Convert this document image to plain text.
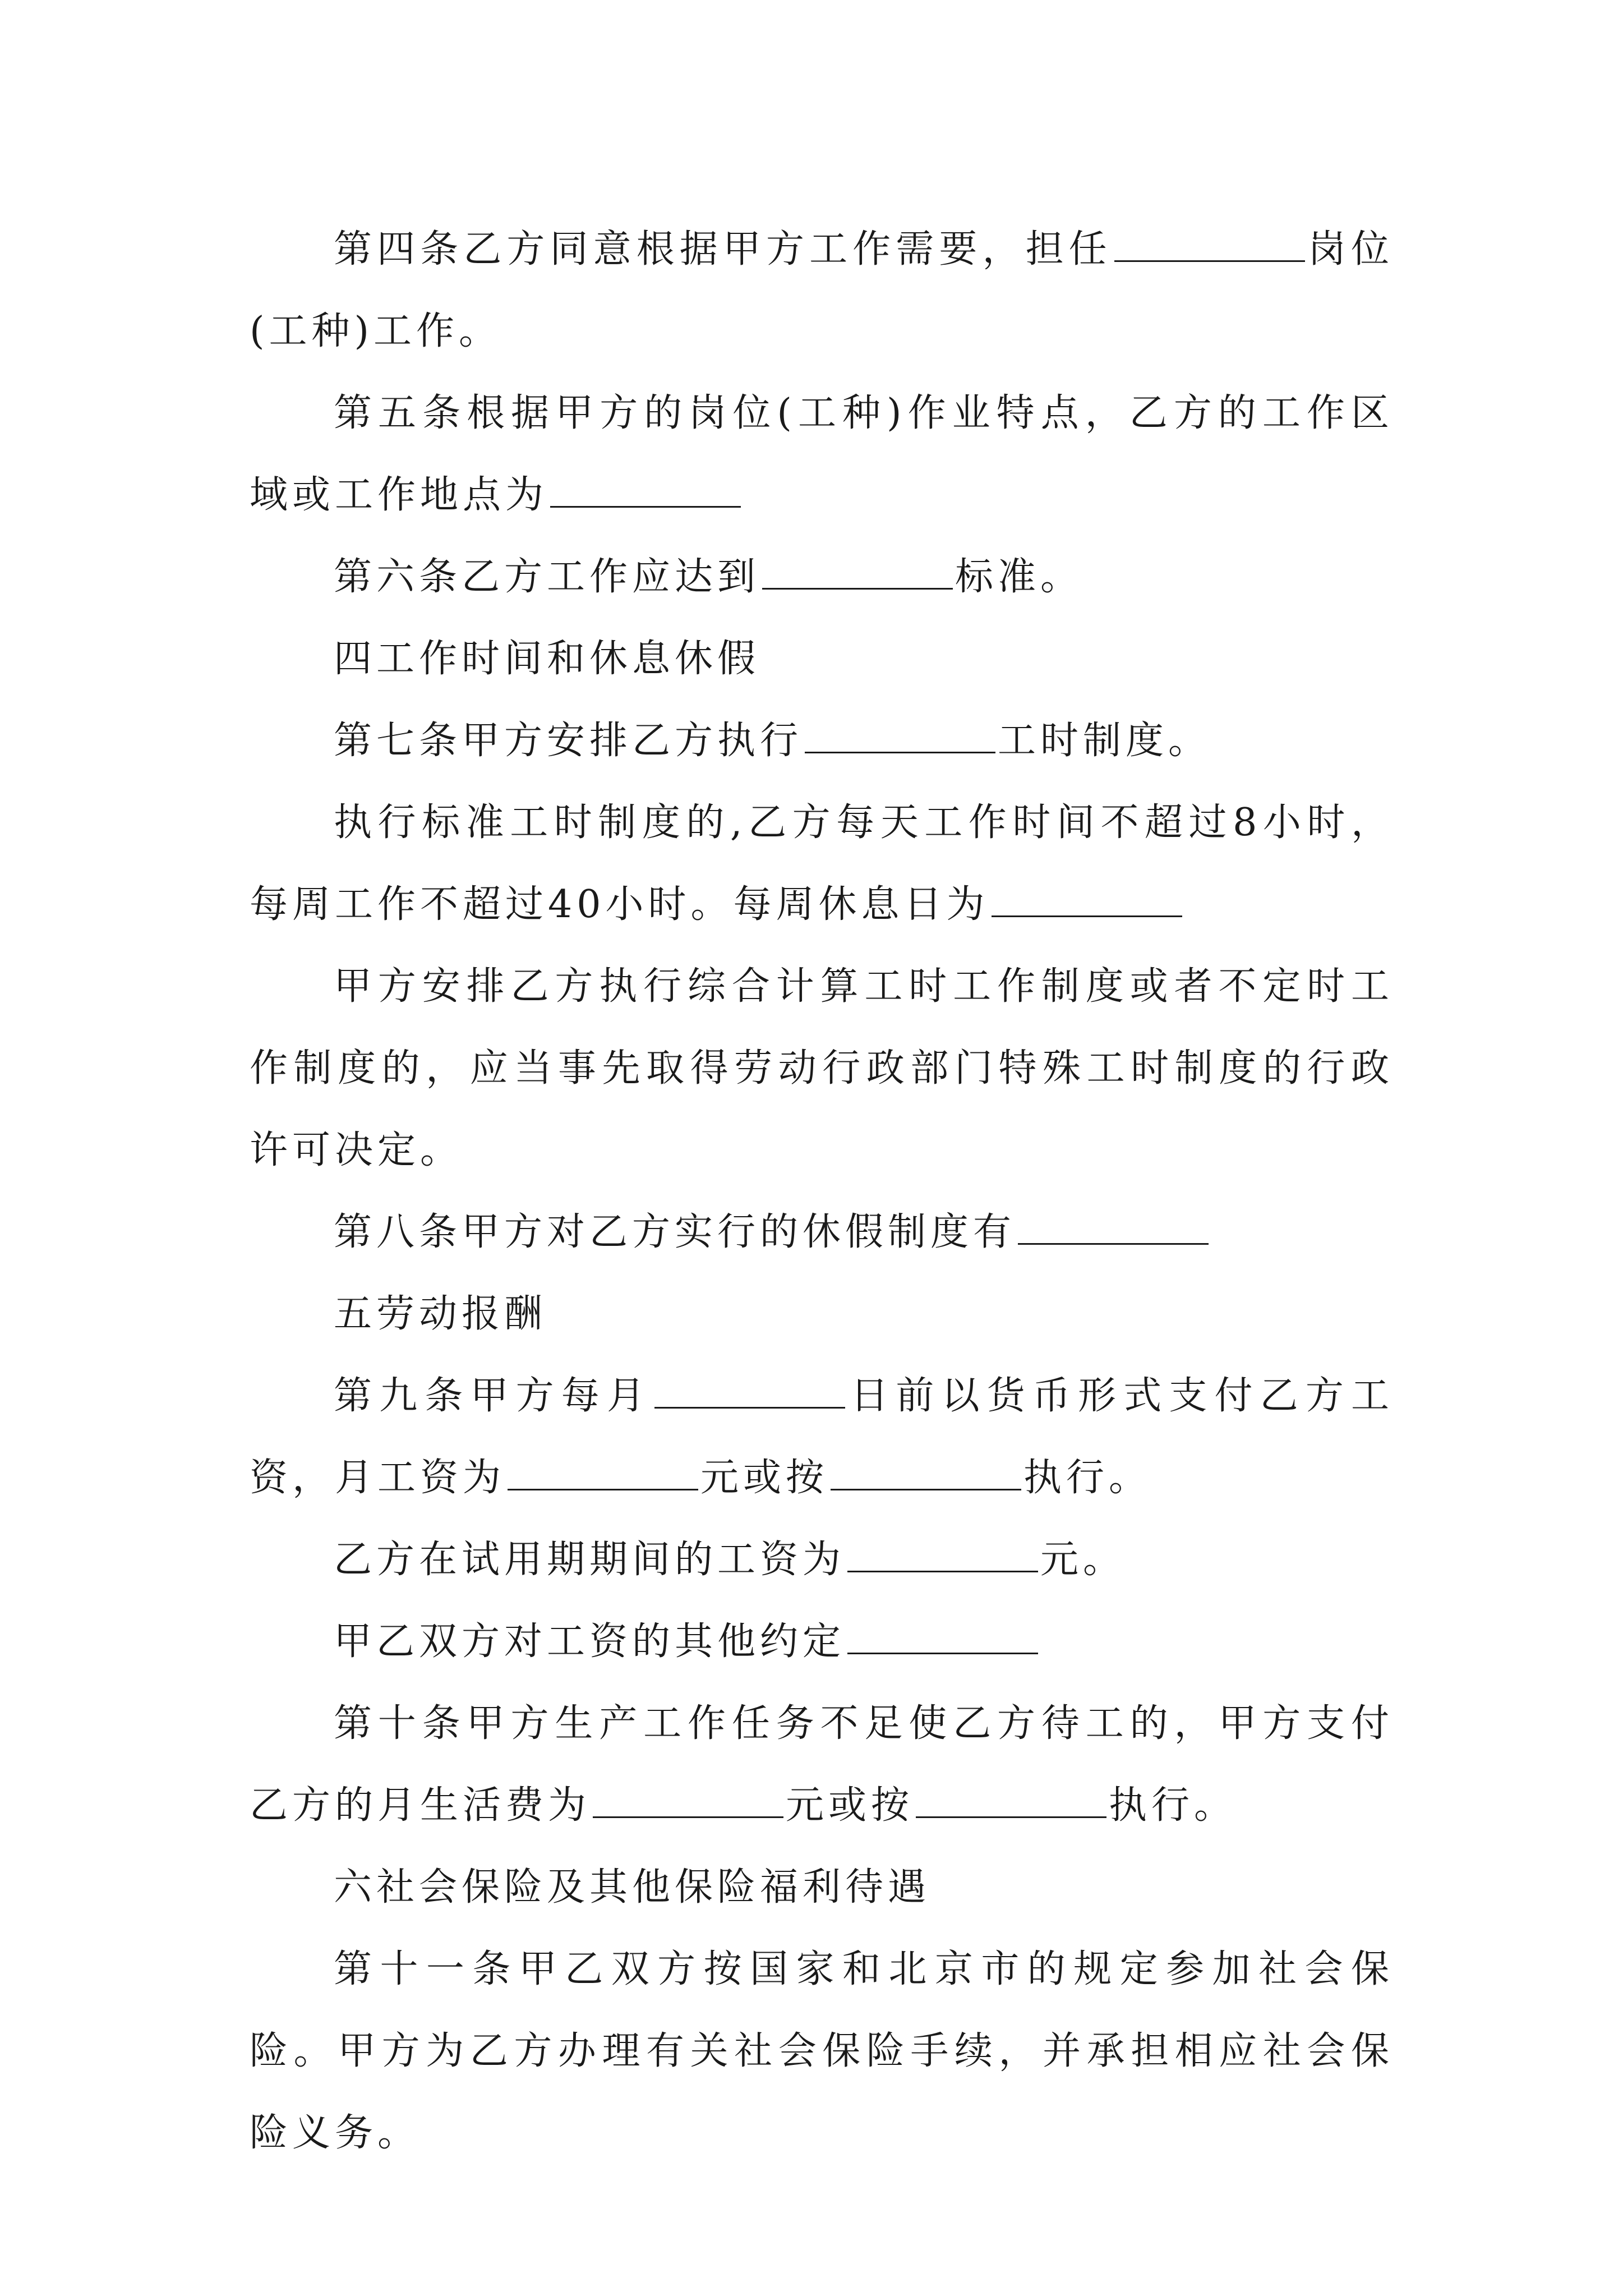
第四条乙方同意根据甲方工作需要，担任	岗位(工种)工作。

第五条根据甲方的岗位(工种)作业特点，乙方的工作区域或工作地点为

第六条乙方工作应达到	标准。

四工作时间和休息休假

第七条甲方安排乙方执行	工时制度。

执行标准工时制度的,乙方每天工作时间不超过8小时，每周工作不超过40小时。每周休息日为

甲方安排乙方执行综合计算工时工作制度或者不定时工作制度的，应当事先取得劳动行政部门特殊工时制度的行政许可决定。

第八条甲方对乙方实行的休假制度有

五劳动报酬

第九条甲方每月	日前以货币形式支付乙方工资，月工资为	元或按	执行。

乙方在试用期期间的工资为	元。

甲乙双方对工资的其他约定

第十条甲方生产工作任务不足使乙方待工的，甲方支付乙方的月生活费为	元或按	执行。

六社会保险及其他保险福利待遇

第十一条甲乙双方按国家和北京市的规定参加社会保险。甲方为乙方办理有关社会保险手续，并承担相应社会保险义务。
